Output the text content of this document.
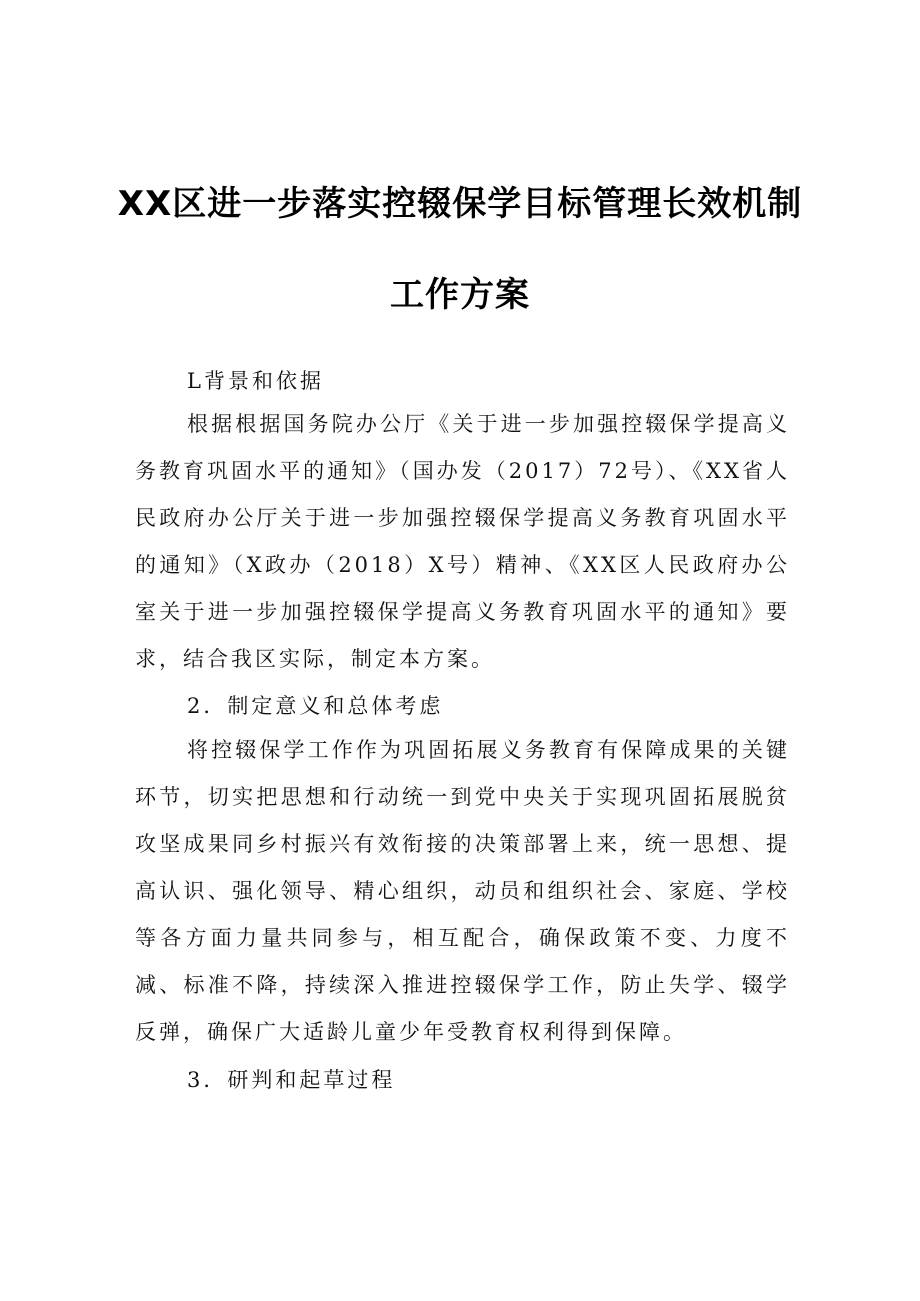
XX区进一步落实控辍保学目标管理长效机制
工作方案
L背景和依据

根据根据国务院办公厅《关于进一步加强控辍保学提高义务教育巩固水平的通知》（国办发（2017）72号）、《XX省人民政府办公厅关于进一步加强控辍保学提高义务教育巩固水平的通知》（X政办（2018）X号）精神、《XX区人民政府办公室关于进一步加强控辍保学提高义务教育巩固水平的通知》要求，结合我区实际，制定本方案。

2．制定意义和总体考虑

将控辍保学工作作为巩固拓展义务教育有保障成果的关键环节，切实把思想和行动统一到党中央关于实现巩固拓展脱贫攻坚成果同乡村振兴有效衔接的决策部署上来，统一思想、提高认识、强化领导、精心组织，动员和组织社会、家庭、学校等各方面力量共同参与，相互配合，确保政策不变、力度不减、标准不降，持续深入推进控辍保学工作，防止失学、辍学反弹，确保广大适龄儿童少年受教育权利得到保障。

3．研判和起草过程
